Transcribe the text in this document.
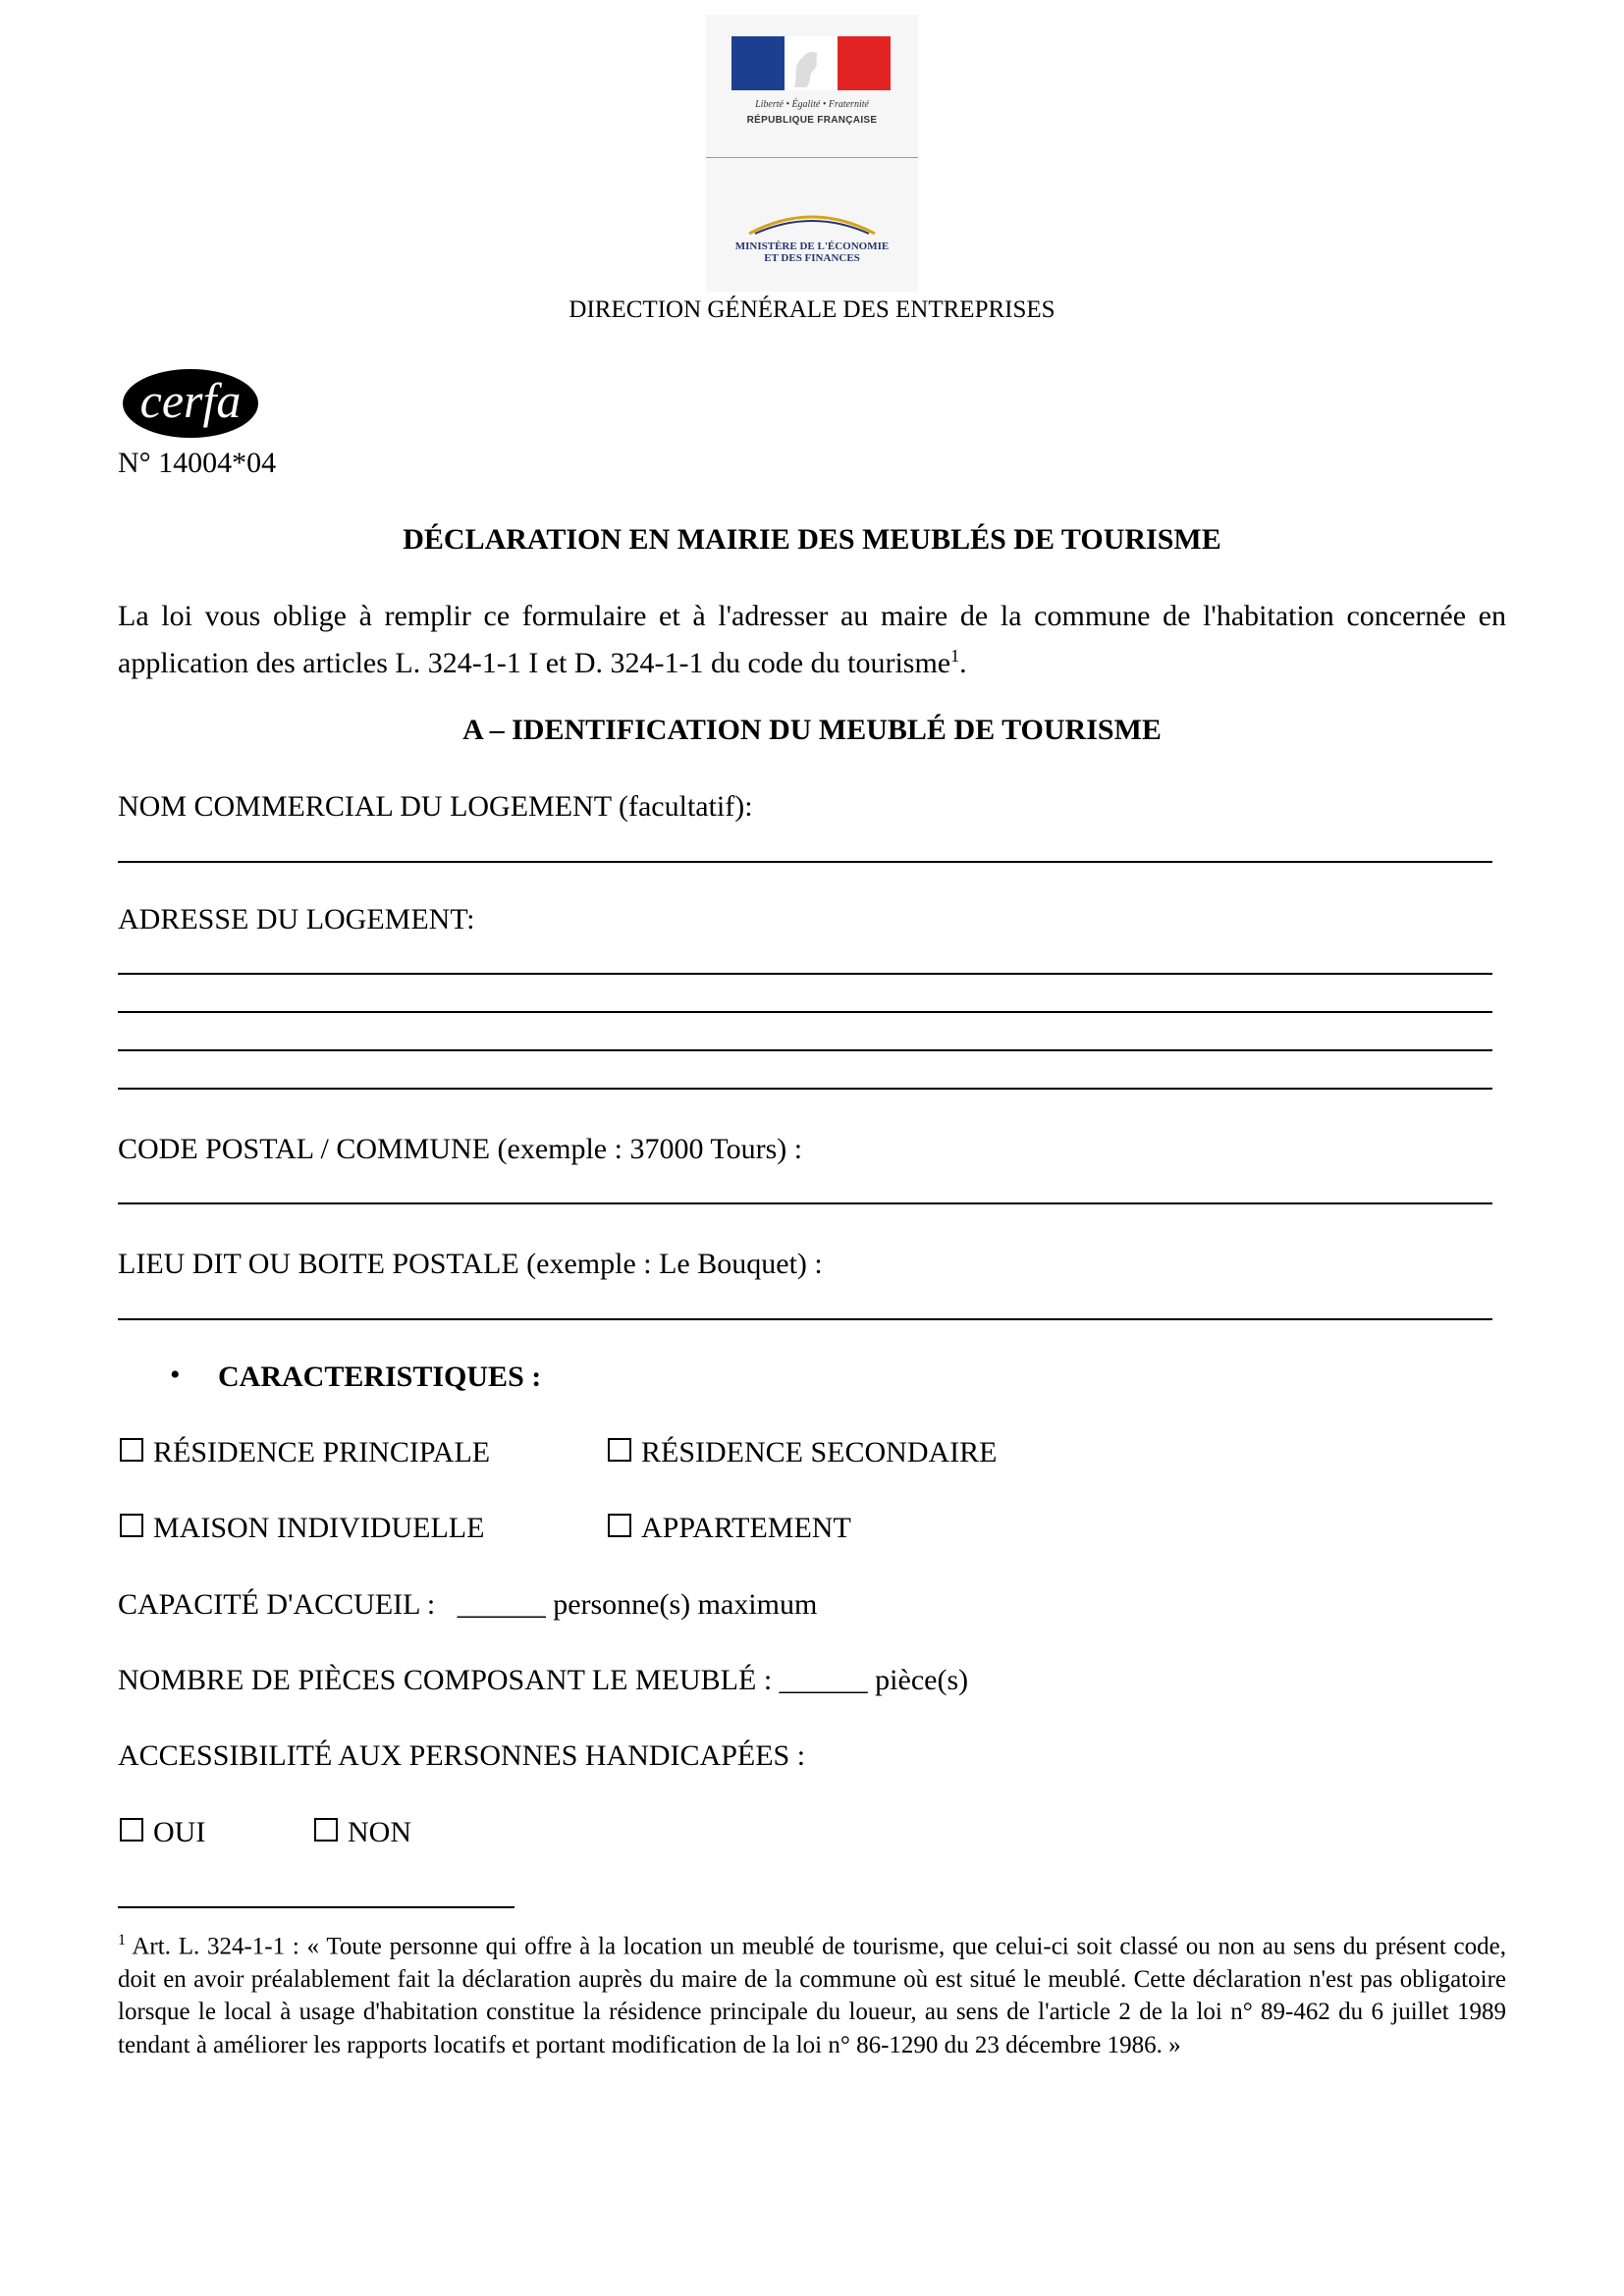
Liberté • Égalité • Fraternité
RÉPUBLIQUE FRANÇAISE
MINISTÈRE DE L'ÉCONOMIE
ET DES FINANCES
DIRECTION GÉNÉRALE DES ENTREPRISES
cerfa
N° 14004*04
DÉCLARATION EN MAIRIE DES MEUBLÉS DE TOURISME
La loi vous oblige à remplir ce formulaire et à l'adresser au maire de la commune de l'habitation concernée en application des articles L. 324-1-1 I et D. 324-1-1 du code du tourisme$^1$.
A – IDENTIFICATION DU MEUBLÉ DE TOURISME
NOM COMMERCIAL DU LOGEMENT (facultatif):
ADRESSE DU LOGEMENT:
CODE POSTAL / COMMUNE (exemple : 37000 Tours) :
LIEU DIT OU BOITE POSTALE (exemple : Le Bouquet) :
• CARACTERISTIQUES :
RÉSIDENCE PRINCIPALE	RÉSIDENCE SECONDAIRE
MAISON INDIVIDUELLE	APPARTEMENT
CAPACITÉ D'ACCUEIL : ______ personne(s) maximum
NOMBRE DE PIÈCES COMPOSANT LE MEUBLÉ : ______ pièce(s)
ACCESSIBILITÉ AUX PERSONNES HANDICAPÉES :
OUI	NON
$^1$ Art. L. 324-1-1 : « Toute personne qui offre à la location un meublé de tourisme, que celui-ci soit classé ou non au sens du présent code, doit en avoir préalablement fait la déclaration auprès du maire de la commune où est situé le meublé. Cette déclaration n'est pas obligatoire lorsque le local à usage d'habitation constitue la résidence principale du loueur, au sens de l'article 2 de la loi n° 89-462 du 6 juillet 1989 tendant à améliorer les rapports locatifs et portant modification de la loi n° 86-1290 du 23 décembre 1986. »
